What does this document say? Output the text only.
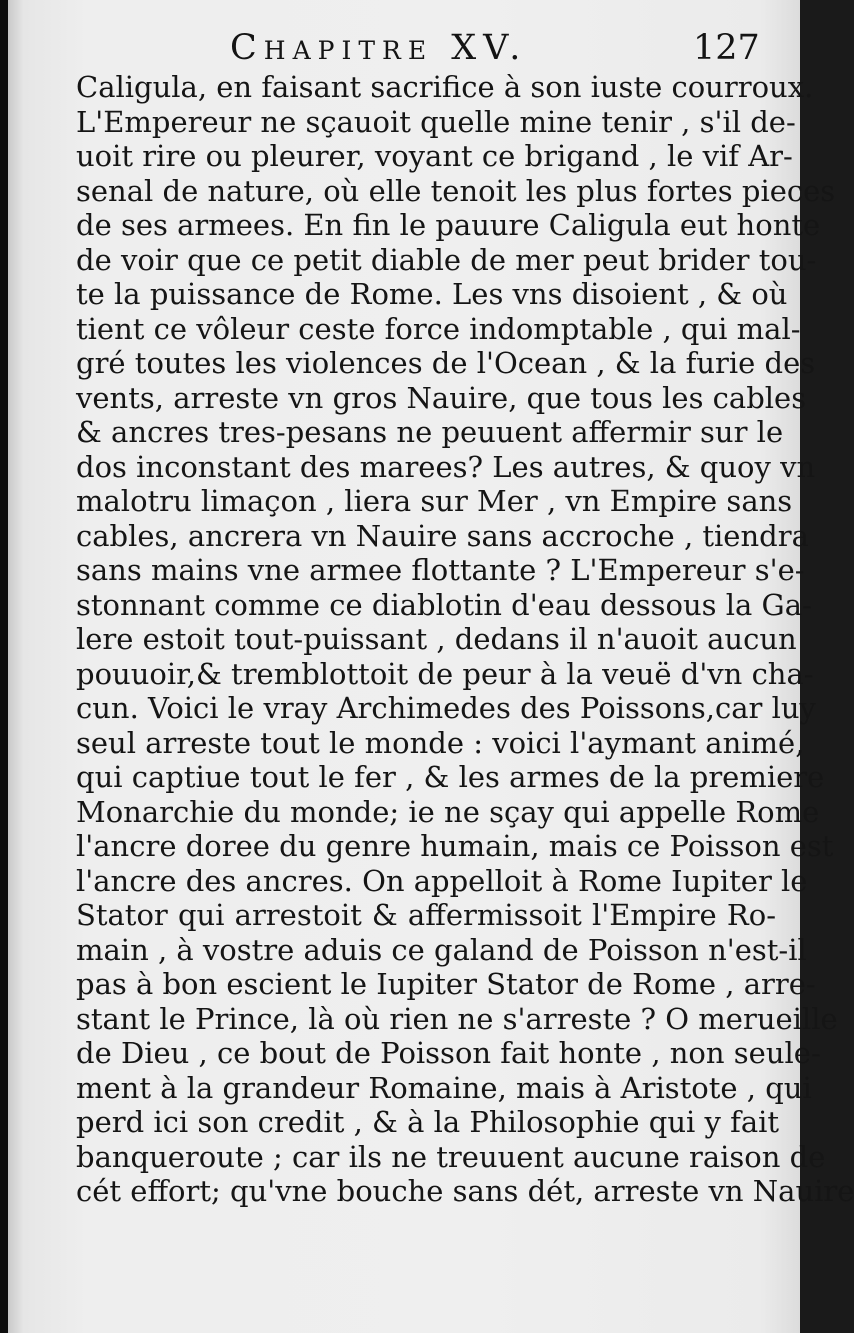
Chapitre XV.	127
Caligula, en faisant sacrifice à son iuste courroux.
L'Empereur ne sçauoit quelle mine tenir , s'il de-
uoit rire ou pleurer, voyant ce brigand , le vif Ar-
senal de nature, où elle tenoit les plus fortes pieces
de ses armees. En fin le pauure Caligula eut honte
de voir que ce petit diable de mer peut brider tou-
te la puissance de Rome. Les vns disoient , & où
tient ce vôleur ceste force indomptable , qui mal-
gré toutes les violences de l'Ocean , & la furie des
vents, arreste vn gros Nauire, que tous les cables
& ancres tres-pesans ne peuuent affermir sur le
dos inconstant des marees? Les autres, & quoy vn
malotru limaçon , liera sur Mer , vn Empire sans
cables, ancrera vn Nauire sans accroche , tiendra
sans mains vne armee flottante ? L'Empereur s'e-
stonnant comme ce diablotin d'eau dessous la Ga-
lere estoit tout-puissant , dedans il n'auoit aucun
pouuoir,& tremblottoit de peur à la veuë d'vn cha-
cun. Voici le vray Archimedes des Poissons,car luy
seul arreste tout le monde : voici l'aymant animé,
qui captiue tout le fer , & les armes de la premiere
Monarchie du monde; ie ne sçay qui appelle Rome
l'ancre doree du genre humain, mais ce Poisson est
l'ancre des ancres. On appelloit à Rome Iupiter le
Stator qui arrestoit & affermissoit l'Empire Ro-
main , à vostre aduis ce galand de Poisson n'est-il
pas à bon escient le Iupiter Stator de Rome , arre-
stant le Prince, là où rien ne s'arreste ? O merueille
de Dieu , ce bout de Poisson fait honte , non seule-
ment à la grandeur Romaine, mais à Aristote , qui
perd ici son credit , & à la Philosophie qui y fait
banqueroute ; car ils ne treuuent aucune raison de
cét effort; qu'vne bouche sans dét, arreste vn Nauire
